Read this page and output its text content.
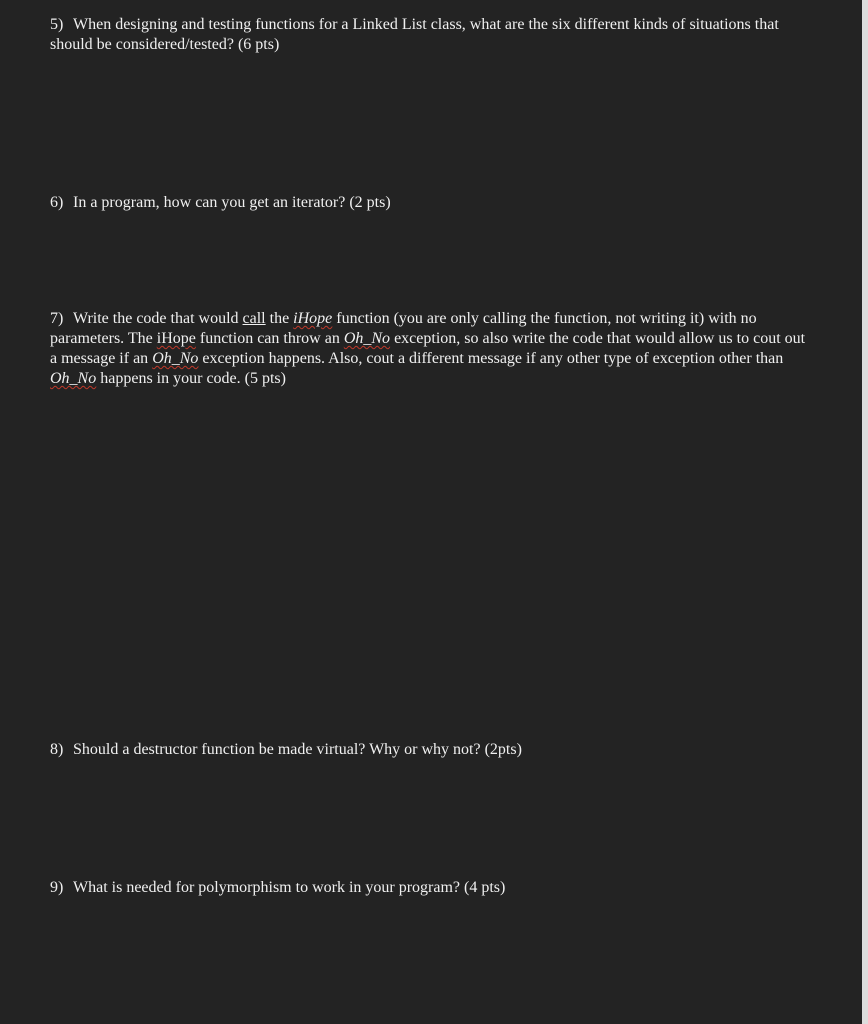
5) When designing and testing functions for a Linked List class, what are the six different kinds of situations that should be considered/tested? (6 pts)

6) In a program, how can you get an iterator? (2 pts)

7) Write the code that would call the iHope function (you are only calling the function, not writing it) with no parameters. The iHope function can throw an Oh_No exception, so also write the code that would allow us to cout out a message if an Oh_No exception happens. Also, cout a different message if any other type of exception other than Oh_No happens in your code. (5 pts)

8) Should a destructor function be made virtual? Why or why not? (2pts)

9) What is needed for polymorphism to work in your program? (4 pts)
